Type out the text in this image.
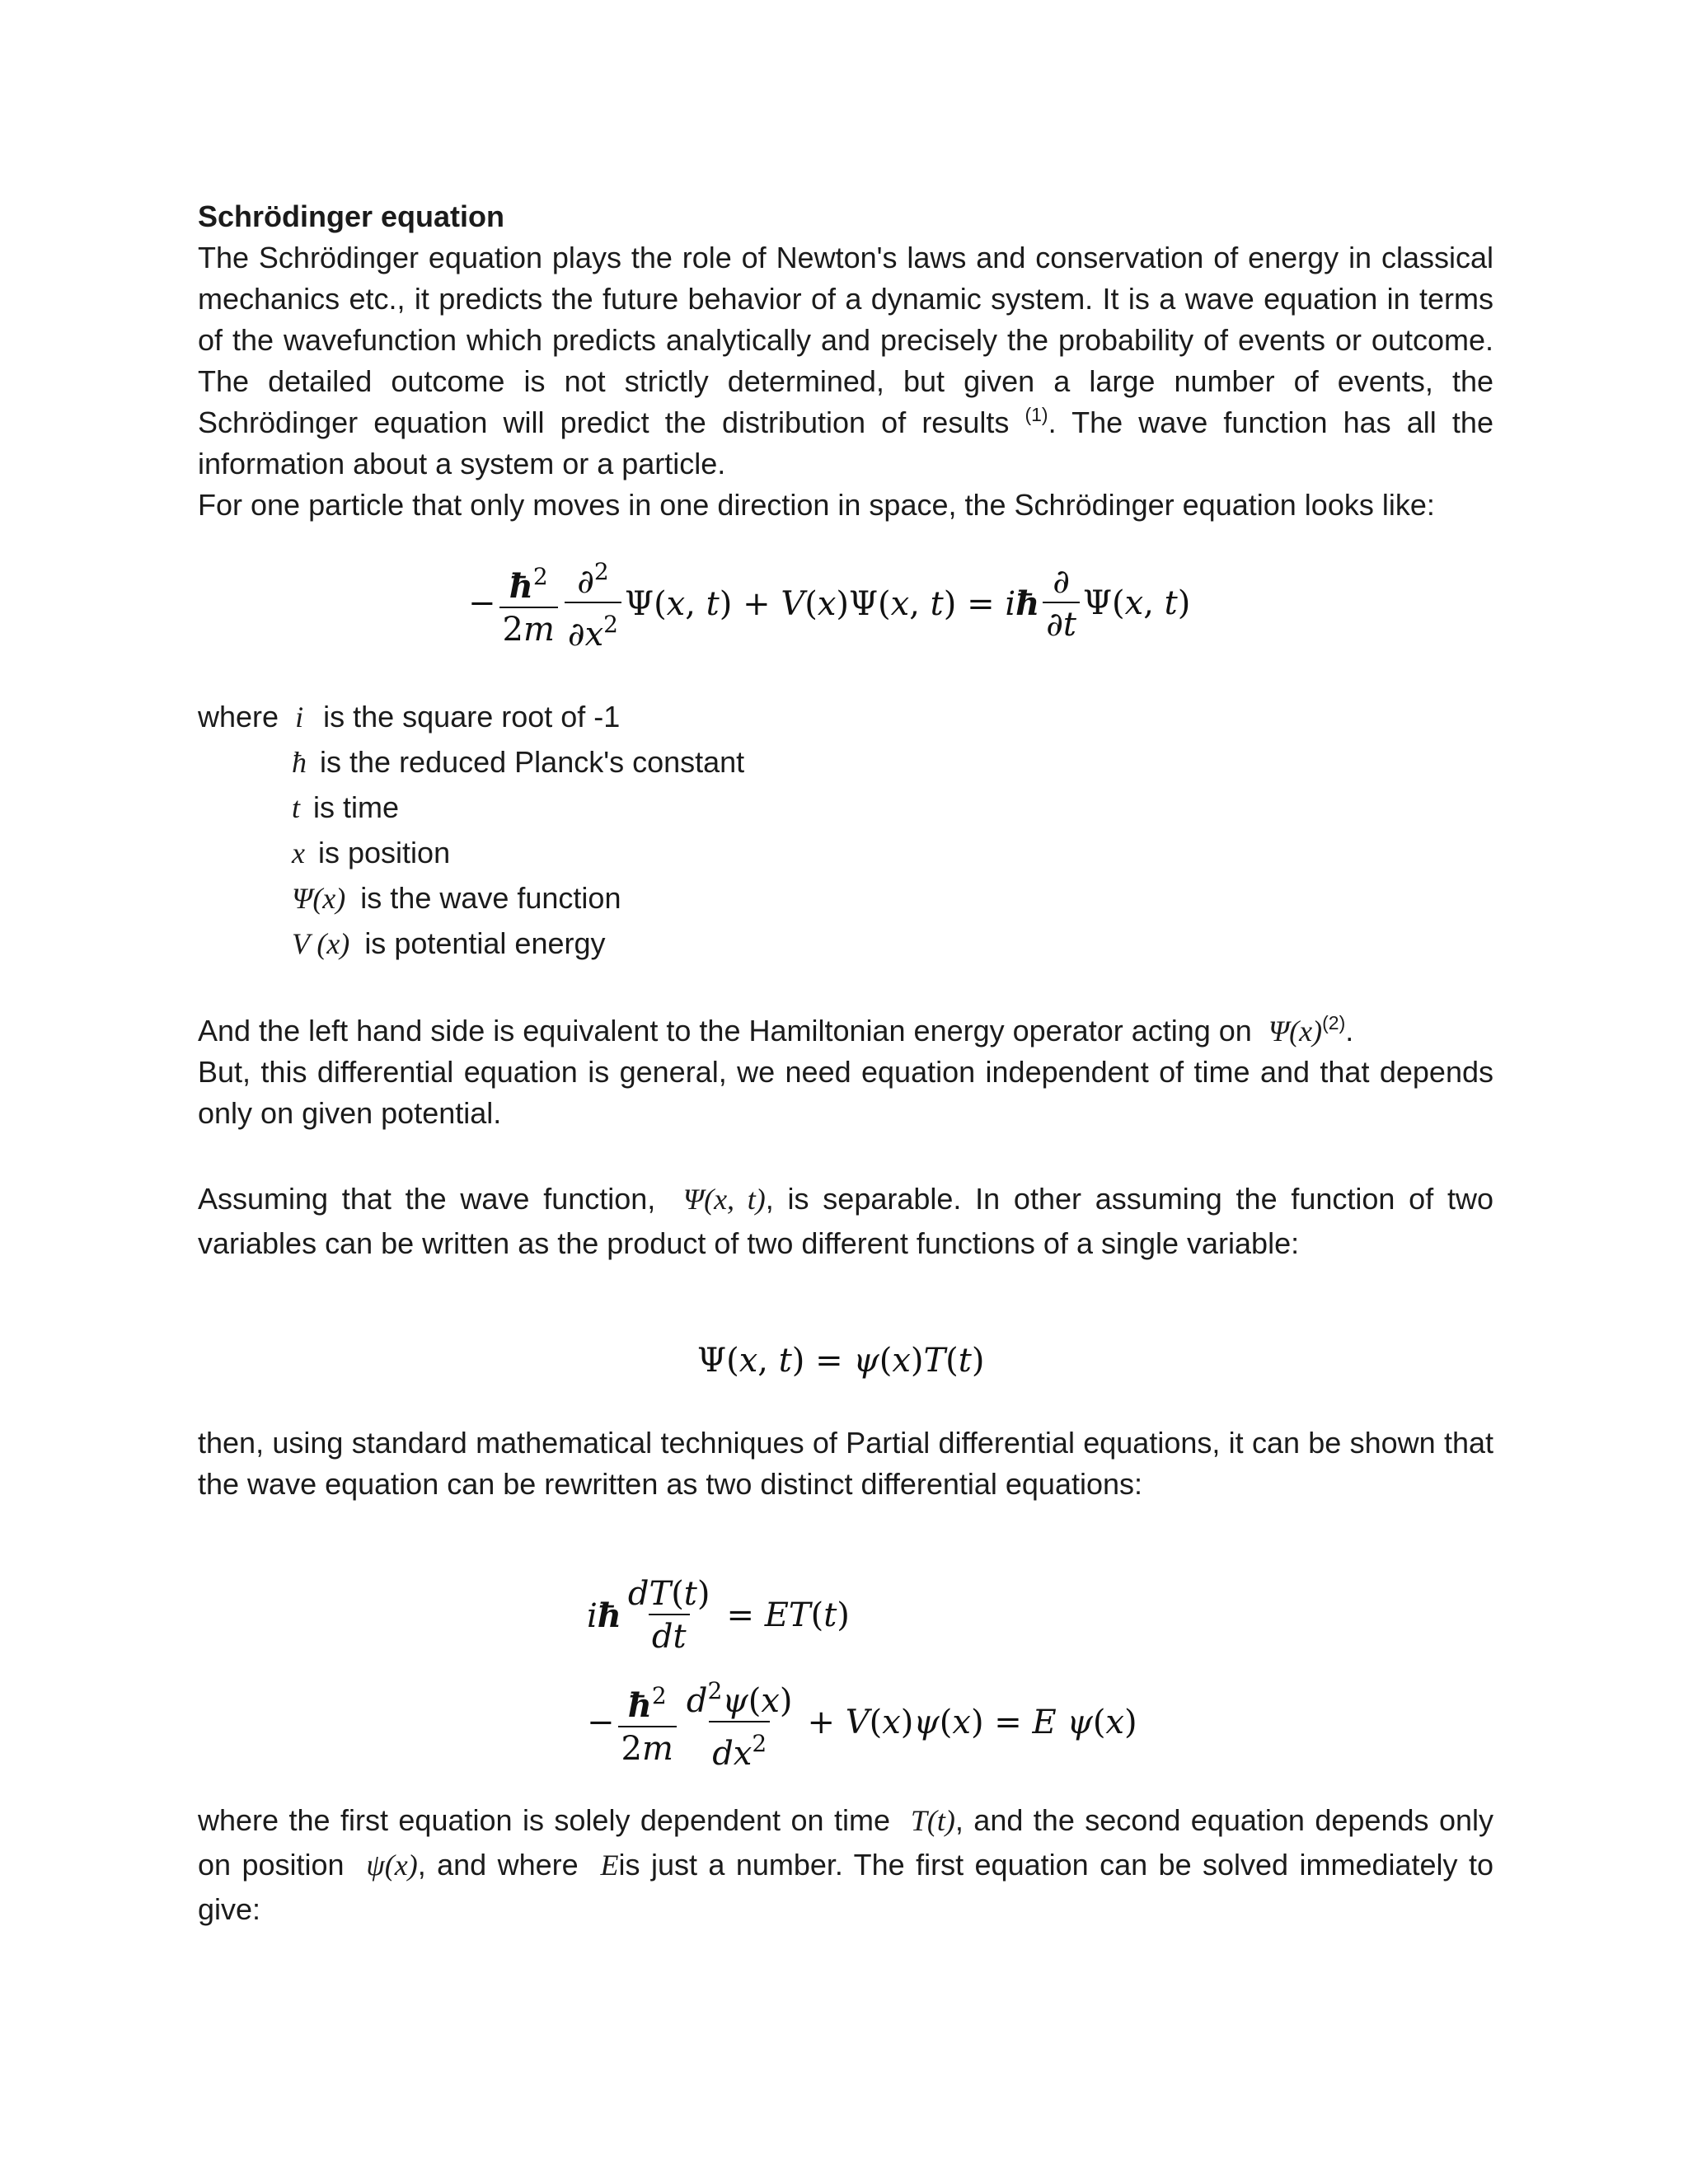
Schrödinger equation

The Schrödinger equation plays the role of Newton's laws and conservation of energy in classical mechanics etc., it predicts the future behavior of a dynamic system. It is a wave equation in terms of the wavefunction which predicts analytically and precisely the probability of events or outcome. The detailed outcome is not strictly determined, but given a large number of events, the Schrödinger equation will predict the distribution of results $^{(1)}$. The wave function has all the information about a system or a particle.

For one particle that only moves in one direction in space, the Schrödinger equation looks like:

− $\frac{ħ^2}{2m} \frac{\partial^2}{\partial x^2} \Psi(x$, t) + V(x)Ψ(x, t) = iħ $\frac{\partial}{\partial t} \Psi(x$, t)
where i is the square root of -1
ħ is the reduced Planck's constant
t is time
x is position
Ψ(x) is the wave function
V (x) is potential energy

And the left hand side is equivalent to the Hamiltonian energy operator acting on Ψ(x)$^{(2)}$.

But, this differential equation is general, we need equation independent of time and that depends only on given potential.

Assuming that the wave function, Ψ(x, t), is separable. In other assuming the function of two variables can be written as the product of two different functions of a single variable:

Ψ(x, t) = ψ(x)T(t)

then, using standard mathematical techniques of Partial differential equations, it can be shown that the wave equation can be rewritten as two distinct differential equations:

iħ $\frac{dT(t)}{dt} = ET(t)$
− $\frac{ħ^2}{2m} \frac{d^2\psi(x)}{dx^2} + V(x)\psi(x) = E$ ψ(x)

where the first equation is solely dependent on time T(t), and the second equation depends only on position ψ(x), and where Eis just a number. The first equation can be solved immediately to give:
